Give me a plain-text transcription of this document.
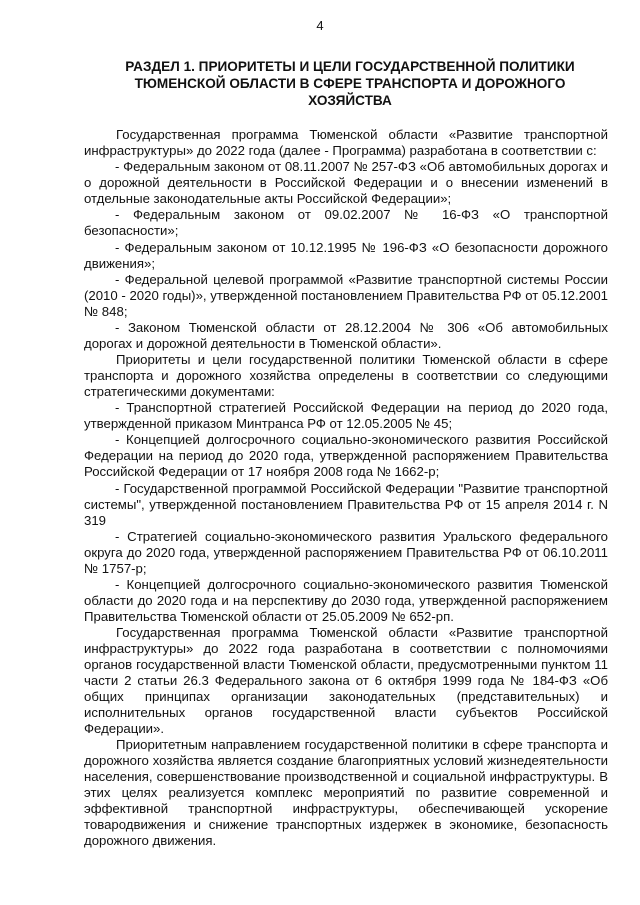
4
РАЗДЕЛ 1. ПРИОРИТЕТЫ И ЦЕЛИ ГОСУДАРСТВЕННОЙ ПОЛИТИКИ ТЮМЕНСКОЙ ОБЛАСТИ В СФЕРЕ ТРАНСПОРТА И ДОРОЖНОГО ХОЗЯЙСТВА

Государственная программа Тюменской области «Развитие транспортной инфраструктуры» до 2022 года (далее - Программа) разработана в соответствии с:

- Федеральным законом от 08.11.2007 № 257-ФЗ «Об автомобильных дорогах и о дорожной деятельности в Российской Федерации и о внесении изменений в отдельные законодательные акты Российской Федерации»;

- Федеральным законом от 09.02.2007 № 16-ФЗ «О транспортной безопасности»;

- Федеральным законом от 10.12.1995 № 196-ФЗ «О безопасности дорожного движения»;

- Федеральной целевой программой «Развитие транспортной системы России (2010 - 2020 годы)», утвержденной постановлением Правительства РФ от 05.12.2001 № 848;

- Законом Тюменской области от 28.12.2004 № 306 «Об автомобильных дорогах и дорожной деятельности в Тюменской области».

Приоритеты и цели государственной политики Тюменской области в сфере транспорта и дорожного хозяйства определены в соответствии со следующими стратегическими документами:

- Транспортной стратегией Российской Федерации на период до 2020 года, утвержденной приказом Минтранса РФ от 12.05.2005 № 45;

- Концепцией долгосрочного социально-экономического развития Российской Федерации на период до 2020 года, утвержденной распоряжением Правительства Российской Федерации от 17 ноября 2008 года № 1662-р;

- Государственной программой Российской Федерации "Развитие транспортной системы", утвержденной постановлением Правительства РФ от 15 апреля 2014 г. N 319

- Стратегией социально-экономического развития Уральского федерального округа до 2020 года, утвержденной распоряжением Правительства РФ от 06.10.2011 № 1757-р;

- Концепцией долгосрочного социально-экономического развития Тюменской области до 2020 года и на перспективу до 2030 года, утвержденной распоряжением Правительства Тюменской области от 25.05.2009 № 652-рп.

Государственная программа Тюменской области «Развитие транспортной инфраструктуры» до 2022 года разработана в соответствии с полномочиями органов государственной власти Тюменской области, предусмотренными пунктом 11 части 2 статьи 26.3 Федерального закона от 6 октября 1999 года № 184-ФЗ «Об общих принципах организации законодательных (представительных) и исполнительных органов государственной власти субъектов Российской Федерации».

Приоритетным направлением государственной политики в сфере транспорта и дорожного хозяйства является создание благоприятных условий жизнедеятельности населения, совершенствование производственной и социальной инфраструктуры. В этих целях реализуется комплекс мероприятий по развитие современной и эффективной транспортной инфраструктуры, обеспечивающей ускорение товародвижения и снижение транспортных издержек в экономике, безопасность дорожного движения.
